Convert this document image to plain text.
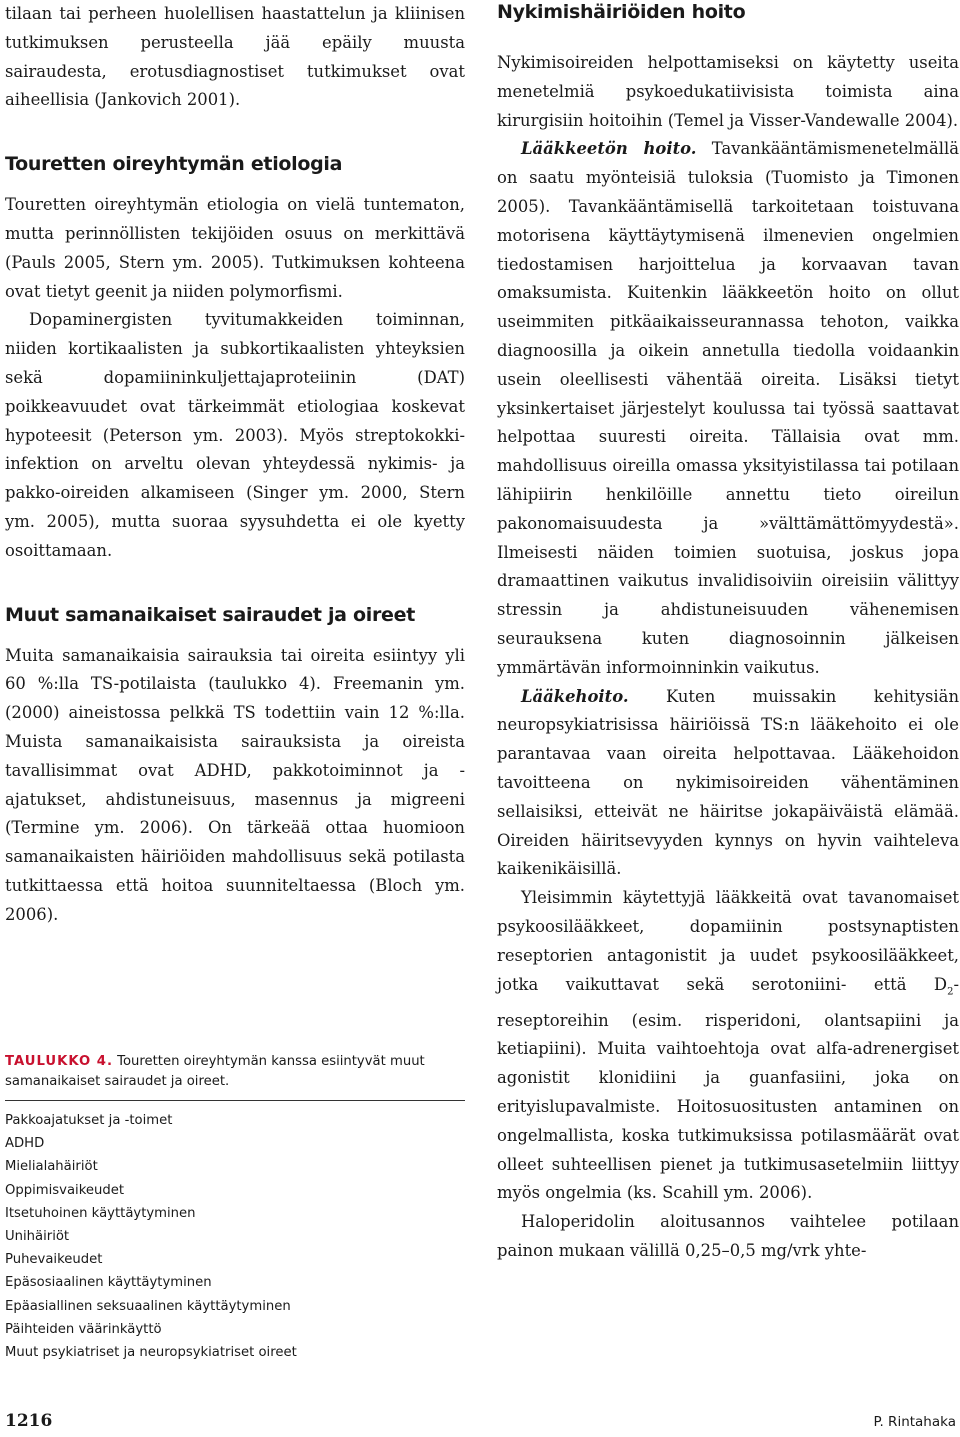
tilaan tai perheen huolellisen haastattelun ja kliinisen tutkimuksen perusteella jää epäily muusta sairaudesta, erotusdiagnostiset tutkimukset ovat aiheellisia (Jankovich 2001).

Touretten oireyhtymän etiologia

Touretten oireyhtymän etiologia on vielä tuntematon, mutta perinnöllisten tekijöiden osuus on merkittävä (Pauls 2005, Stern ym. 2005). Tutkimuksen kohteena ovat tietyt geenit ja niiden polymorfismi.

Dopaminergisten tyvitumakkeiden toiminnan, niiden kortikaalisten ja subkortikaalisten yhteyksien sekä dopamiininkuljettajaproteiinin (DAT) poikkeavuudet ovat tärkeimmät etiologiaa koskevat hypoteesit (Peterson ym. 2003). Myös streptokokki-infektion on arveltu olevan yhteydessä nykimis- ja pakko-oireiden alkamiseen (Singer ym. 2000, Stern ym. 2005), mutta suoraa syysuhdetta ei ole kyetty osoittamaan.

Muut samanaikaiset sairaudet ja oireet

Muita samanaikaisia sairauksia tai oireita esiintyy yli 60 %:lla TS-potilaista (taulukko 4). Freemanin ym. (2000) aineistossa pelkkä TS todettiin vain 12 %:lla. Muista samanaikaisista sairauksista ja oireista tavallisimmat ovat ADHD, pakkotoiminnot ja -ajatukset, ahdistuneisuus, masennus ja migreeni (Termine ym. 2006). On tärkeää ottaa huomioon samanaikaisten häiriöiden mahdollisuus sekä potilasta tutkittaessa että hoitoa suunniteltaessa (Bloch ym. 2006).

TAULUKKO 4. Touretten oireyhtymän kanssa esiintyvät muut samanaikaiset sairaudet ja oireet.

Pakkoajatukset ja -toimet
ADHD
Mielialahäiriöt
Oppimisvaikeudet
Itsetuhoinen käyttäytyminen
Unihäiriöt
Puhevaikeudet
Epäsosiaalinen käyttäytyminen
Epäasiallinen seksuaalinen käyttäytyminen
Päihteiden väärinkäyttö
Muut psykiatriset ja neuropsykiatriset oireet
Nykimishäiriöiden hoito

Nykimisoireiden helpottamiseksi on käytetty useita menetelmiä psykoedukatiivisista toimista aina kirurgisiin hoitoihin (Temel ja Visser-Vandewalle 2004).

Lääkkeetön hoito. Tavankääntämismenetelmällä on saatu myönteisiä tuloksia (Tuomisto ja Timonen 2005). Tavankääntämisellä tarkoitetaan toistuvana motorisena käyttäytymisenä ilmenevien ongelmien tiedostamisen harjoittelua ja korvaavan tavan omaksumista. Kuitenkin lääkkeetön hoito on ollut useimmiten pitkäaikaisseurannassa tehoton, vaikka diagnoosilla ja oikein annetulla tiedolla voidaankin usein oleellisesti vähentää oireita. Lisäksi tietyt yksinkertaiset järjestelyt koulussa tai työssä saattavat helpottaa suuresti oireita. Tällaisia ovat mm. mahdollisuus oireilla omassa yksityistilassa tai potilaan lähipiirin henkilöille annettu tieto oireilun pakonomaisuudesta ja »välttämättömyydestä». Ilmeisesti näiden toimien suotuisa, joskus jopa dramaattinen vaikutus invalidisoiviin oireisiin välittyy stressin ja ahdistuneisuuden vähenemisen seurauksena kuten diagnosoinnin jälkeisen ymmärtävän informoinninkin vaikutus.

Lääkehoito. Kuten muissakin kehitysiän neuropsykiatrisissa häiriöissä TS:n lääkehoito ei ole parantavaa vaan oireita helpottavaa. Lääkehoidon tavoitteena on nykimisoireiden vähentäminen sellaisiksi, etteivät ne häiritse jokapäiväistä elämää. Oireiden häiritsevyyden kynnys on hyvin vaihteleva kaikenikäisillä.

Yleisimmin käytettyjä lääkkeitä ovat tavanomaiset psykoosilääkkeet, dopamiinin postsynaptisten reseptorien antagonistit ja uudet psykoosilääkkeet, jotka vaikuttavat sekä serotoniini- että $D_2$-reseptoreihin (esim. risperidoni, olantsapiini ja ketiapiini). Muita vaihtoehtoja ovat alfa-adrenergiset agonistit klonidiini ja guanfasiini, joka on erityislupavalmiste. Hoitosuositusten antaminen on ongelmallista, koska tutkimuksissa potilasmäärät ovat olleet suhteellisen pienet ja tutkimusasetelmiin liittyy myös ongelmia (ks. Scahill ym. 2006).

Haloperidolin aloitusannos vaihtelee potilaan painon mukaan välillä 0,25–0,5 mg/vrk yhte-

1216	P. Rintahaka
